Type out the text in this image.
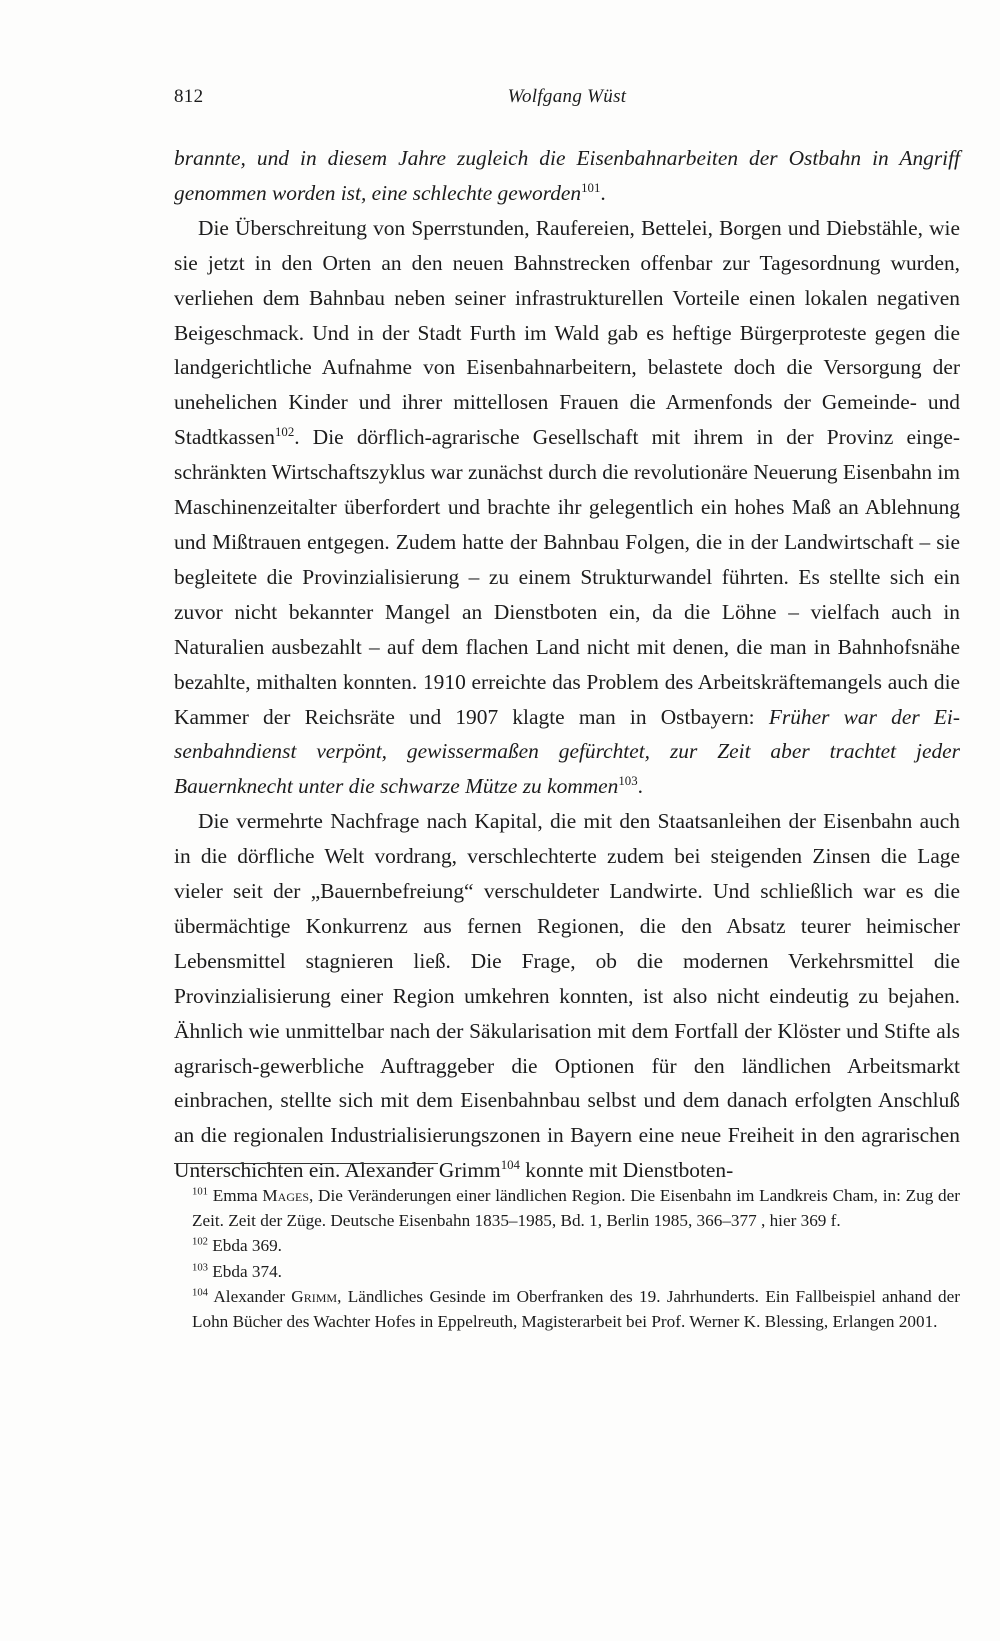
812	Wolfgang Wüst

brannte, und in diesem Jahre zugleich die Eisenbahnarbeiten der Ostbahn in Angriff genommen worden ist, eine schlechte geworden$^{101}$.

Die Überschreitung von Sperrstunden, Raufereien, Bettelei, Borgen und Diebstähle, wie sie jetzt in den Orten an den neuen Bahnstrecken offenbar zur Tagesordnung wurden, verliehen dem Bahnbau neben seiner infrastrukturellen Vorteile einen lokalen negativen Beigeschmack. Und in der Stadt Furth im Wald gab es heftige Bürgerproteste gegen die landgerichtliche Aufnahme von Eisenbahnarbeitern, belastete doch die Versorgung der unehelichen Kinder und ihrer mittellosen Frauen die Armenfonds der Gemeinde- und Stadtkassen$^{102}$. Die dörflich-agrarische Gesellschaft mit ihrem in der Provinz eingeschränkten Wirtschaftszyklus war zunächst durch die revolutionäre Neuerung Eisenbahn im Maschinenzeitalter überfordert und brachte ihr gelegentlich ein hohes Maß an Ablehnung und Mißtrauen entgegen. Zudem hatte der Bahnbau Folgen, die in der Landwirtschaft – sie begleitete die Provinzialisierung – zu einem Strukturwandel führten. Es stellte sich ein zuvor nicht bekannter Mangel an Dienstboten ein, da die Löhne – vielfach auch in Naturalien ausbezahlt – auf dem flachen Land nicht mit denen, die man in Bahnhofsnähe bezahlte, mithalten konnten. 1910 erreichte das Problem des Arbeitskräftemangels auch die Kammer der Reichsräte und 1907 klagte man in Ostbayern: Früher war der Eisenbahndienst verpönt, gewissermaßen gefürchtet, zur Zeit aber trachtet jeder Bauernknecht unter die schwarze Mütze zu kommen$^{103}$.

Die vermehrte Nachfrage nach Kapital, die mit den Staatsanleihen der Eisenbahn auch in die dörfliche Welt vordrang, verschlechterte zudem bei steigenden Zinsen die Lage vieler seit der „Bauernbefreiung“ verschuldeter Landwirte. Und schließlich war es die übermächtige Konkurrenz aus fernen Regionen, die den Absatz teurer heimischer Lebensmittel stagnieren ließ. Die Frage, ob die modernen Verkehrsmittel die Provinzialisierung einer Region umkehren konnten, ist also nicht eindeutig zu bejahen. Ähnlich wie unmittelbar nach der Säkularisation mit dem Fortfall der Klöster und Stifte als agrarisch-gewerbliche Auftraggeber die Optionen für den ländlichen Arbeitsmarkt einbrachen, stellte sich mit dem Eisenbahnbau selbst und dem danach erfolgten Anschluß an die regionalen Industrialisierungszonen in Bayern eine neue Freiheit in den agrarischen Unterschichten ein. Alexander Grimm$^{104}$ konnte mit Dienstboten-

$^{101}$ Emma Mages, Die Veränderungen einer ländlichen Region. Die Eisenbahn im Landkreis Cham, in: Zug der Zeit. Zeit der Züge. Deutsche Eisenbahn 1835–1985, Bd. 1, Berlin 1985, 366–377 , hier 369 f.

$^{102}$ Ebda 369.

$^{103}$ Ebda 374.

$^{104}$ Alexander Grimm, Ländliches Gesinde im Oberfranken des 19. Jahrhunderts. Ein Fallbeispiel anhand der Lohn Bücher des Wachter Hofes in Eppelreuth, Magisterarbeit bei Prof. Werner K. Blessing, Erlangen 2001.
